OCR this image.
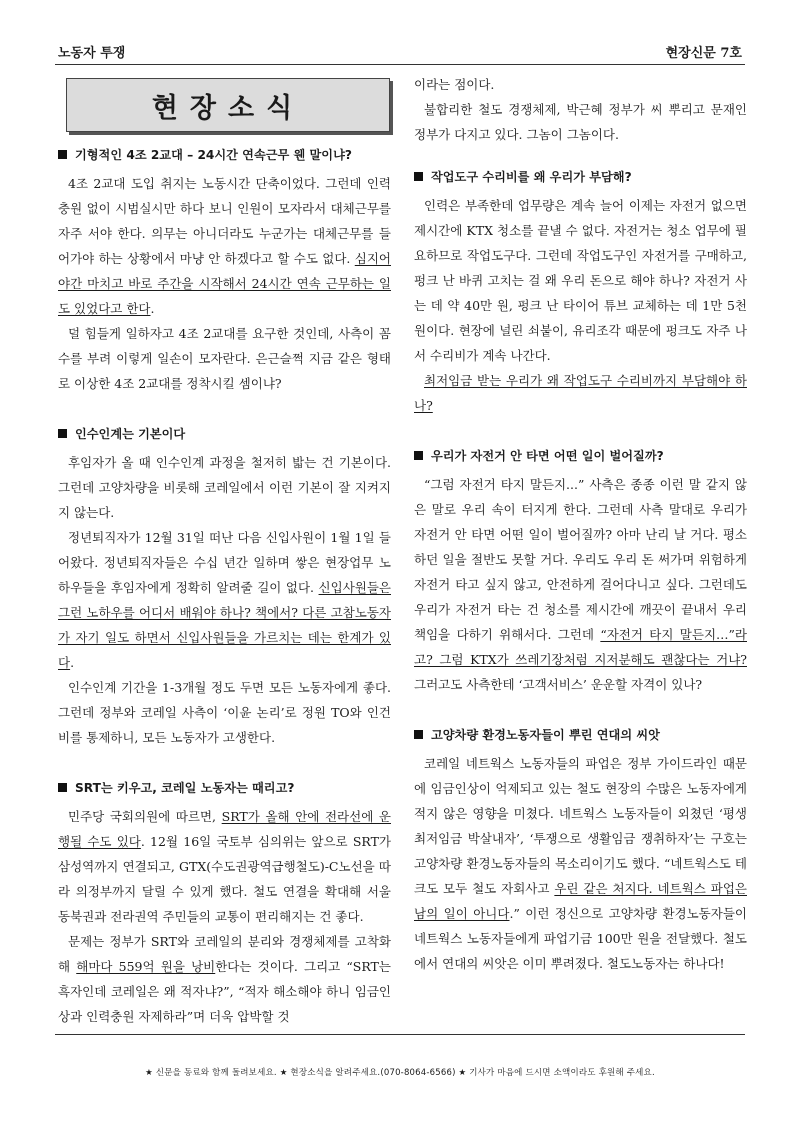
노동자 투쟁	현장신문 7호
현장소식
기형적인 4조 2교대 – 24시간 연속근무 웬 말이냐?

4조 2교대 도입 취지는 노동시간 단축이었다. 그런데 인력 충원 없이 시범실시만 하다 보니 인원이 모자라서 대체근무를 자주 서야 한다. 의무는 아니더라도 누군가는 대체근무를 들어가야 하는 상황에서 마냥 안 하겠다고 할 수도 없다. 심지어 야간 마치고 바로 주간을 시작해서 24시간 연속 근무하는 일도 있었다고 한다.

덜 힘들게 일하자고 4조 2교대를 요구한 것인데, 사측이 꼼수를 부려 이렇게 일손이 모자란다. 은근슬쩍 지금 같은 형태로 이상한 4조 2교대를 정착시킬 셈이냐?

인수인계는 기본이다

후임자가 올 때 인수인계 과정을 철저히 밟는 건 기본이다. 그런데 고양차량을 비롯해 코레일에서 이런 기본이 잘 지켜지지 않는다.

정년퇴직자가 12월 31일 떠난 다음 신입사원이 1월 1일 들어왔다. 정년퇴직자들은 수십 년간 일하며 쌓은 현장업무 노하우들을 후임자에게 정확히 알려줄 길이 없다. 신입사원들은 그런 노하우를 어디서 배워야 하나? 책에서? 다른 고참노동자가 자기 일도 하면서 신입사원들을 가르치는 데는 한계가 있다.

인수인계 기간을 1-3개월 정도 두면 모든 노동자에게 좋다. 그런데 정부와 코레일 사측이 ‘이윤 논리’로 정원 TO와 인건비를 통제하니, 모든 노동자가 고생한다.

SRT는 키우고, 코레일 노동자는 때리고?

민주당 국회의원에 따르면, SRT가 올해 안에 전라선에 운행될 수도 있다. 12월 16일 국토부 심의위는 앞으로 SRT가 삼성역까지 연결되고, GTX(수도권광역급행철도)-C노선을 따라 의정부까지 달릴 수 있게 했다. 철도 연결을 확대해 서울 동북권과 전라권역 주민들의 교통이 편리해지는 건 좋다.

문제는 정부가 SRT와 코레일의 분리와 경쟁체제를 고착화해 해마다 559억 원을 낭비한다는 것이다. 그리고 “SRT는 흑자인데 코레일은 왜 적자냐?”, “적자 해소해야 하니 임금인상과 인력충원 자제하라”며 더욱 압박할 것

이라는 점이다.

불합리한 철도 경쟁체제, 박근혜 정부가 씨 뿌리고 문재인 정부가 다지고 있다. 그놈이 그놈이다.

작업도구 수리비를 왜 우리가 부담해?

인력은 부족한데 업무량은 계속 늘어 이제는 자전거 없으면 제시간에 KTX 청소를 끝낼 수 없다. 자전거는 청소 업무에 필요하므로 작업도구다. 그런데 작업도구인 자전거를 구매하고, 펑크 난 바퀴 고치는 걸 왜 우리 돈으로 해야 하나? 자전거 사는 데 약 40만 원, 펑크 난 타이어 튜브 교체하는 데 1만 5천 원이다. 현장에 널린 쇠붙이, 유리조각 때문에 펑크도 자주 나서 수리비가 계속 나간다.

최저임금 받는 우리가 왜 작업도구 수리비까지 부담해야 하나?

우리가 자전거 안 타면 어떤 일이 벌어질까?

“그럼 자전거 타지 말든지...” 사측은 종종 이런 말 같지 않은 말로 우리 속이 터지게 한다. 그런데 사측 말대로 우리가 자전거 안 타면 어떤 일이 벌어질까? 아마 난리 날 거다. 평소 하던 일을 절반도 못할 거다. 우리도 우리 돈 써가며 위험하게 자전거 타고 싶지 않고, 안전하게 걸어다니고 싶다. 그런데도 우리가 자전거 타는 건 청소를 제시간에 깨끗이 끝내서 우리 책임을 다하기 위해서다. 그런데 “자전거 타지 말든지…”라고? 그럼 KTX가 쓰레기장처럼 지저분해도 괜찮다는 거냐? 그러고도 사측한테 ‘고객서비스’ 운운할 자격이 있나?

고양차량 환경노동자들이 뿌린 연대의 씨앗

코레일 네트웍스 노동자들의 파업은 정부 가이드라인 때문에 임금인상이 억제되고 있는 철도 현장의 수많은 노동자에게 적지 않은 영향을 미쳤다. 네트웍스 노동자들이 외쳤던 ‘평생 최저임금 박살내자’, ‘투쟁으로 생활임금 쟁취하자’는 구호는 고양차량 환경노동자들의 목소리이기도 했다. “네트웍스도 테크도 모두 철도 자회사고 우린 같은 처지다. 네트웍스 파업은 남의 일이 아니다.” 이런 정신으로 고양차량 환경노동자들이 네트웍스 노동자들에게 파업기금 100만 원을 전달했다. 철도에서 연대의 씨앗은 이미 뿌려졌다. 철도노동자는 하나다!

★ 신문을 동료와 함께 돌려보세요. ★ 현장소식을 알려주세요.(070-8064-6566) ★ 기사가 마음에 드시면 소액이라도 후원해 주세요.
